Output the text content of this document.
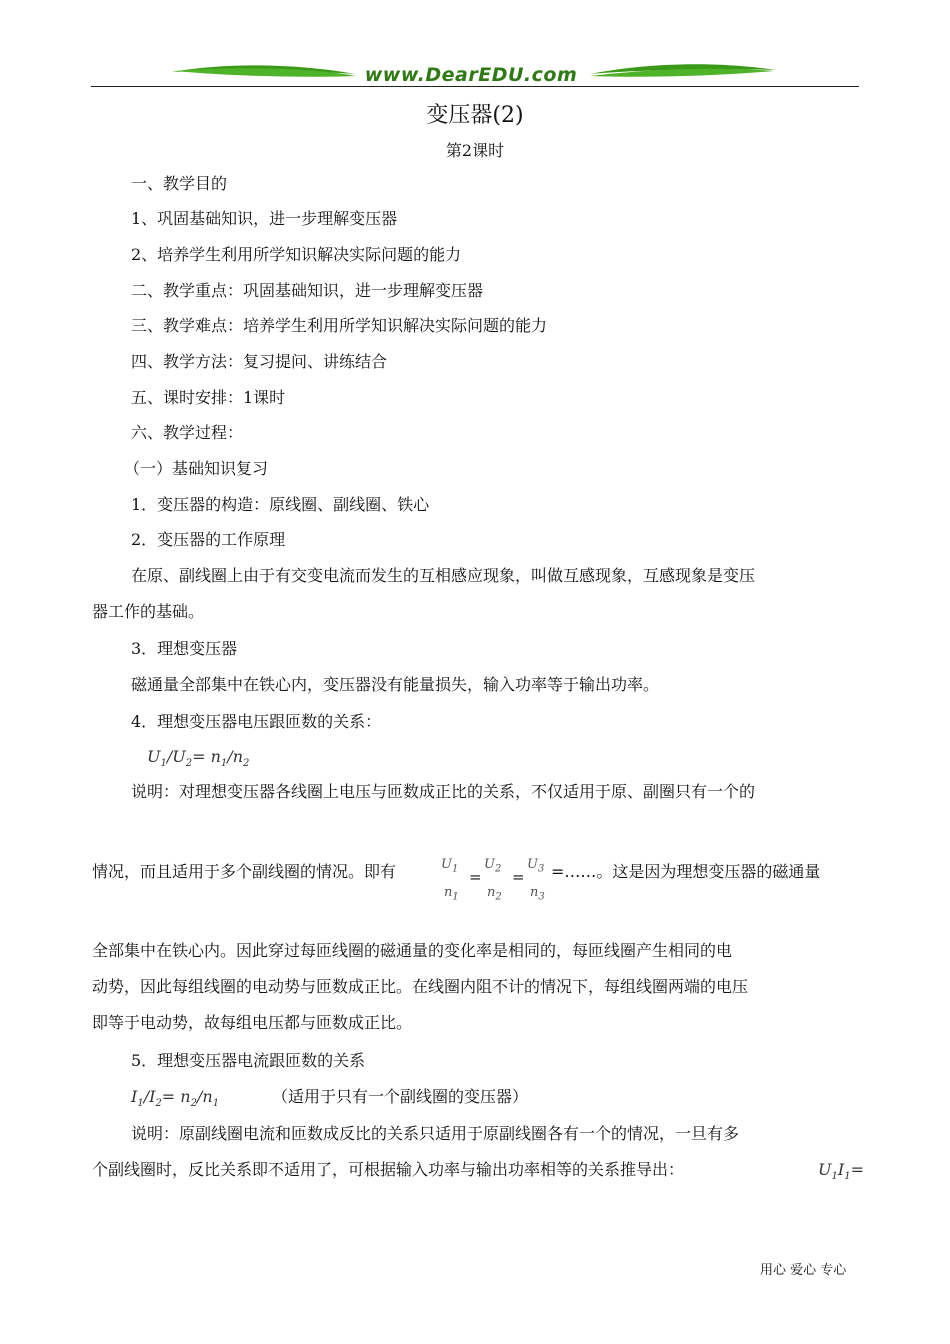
www.DearEDU.com
变压器(2)
第2课时
一、教学目的
1、巩固基础知识，进一步理解变压器
2、培养学生利用所学知识解决实际问题的能力
二、教学重点：巩固基础知识，进一步理解变压器
三、教学难点：培养学生利用所学知识解决实际问题的能力
四、教学方法：复习提问、讲练结合
五、课时安排：1课时
六、教学过程：
（一）基础知识复习
1．变压器的构造：原线圈、副线圈、铁心
2．变压器的工作原理
在原、副线圈上由于有交变电流而发生的互相感应现象，叫做互感现象，互感现象是变压
器工作的基础。
3．理想变压器
磁通量全部集中在铁心内，变压器没有能量损失，输入功率等于输出功率。
4．理想变压器电压跟匝数的关系：
$U_1/U_2= n_1/n_2$
说明：对理想变压器各线圈上电压与匝数成正比的关系，不仅适用于原、副圈只有一个的
情况，而且适用于多个副线圈的情况。即有	$U_1$
$n_1$
=
$U_2$
$n_2$
=
$U_3$
$n_3$
=……。这是因为理想变压器的磁通量
全部集中在铁心内。因此穿过每匝线圈的磁通量的变化率是相同的，每匝线圈产生相同的电
动势，因此每组线圈的电动势与匝数成正比。在线圈内阻不计的情况下，每组线圈两端的电压
即等于电动势，故每组电压都与匝数成正比。
5．理想变压器电流跟匝数的关系
$I_1/I_2= n_2/n_1$	（适用于只有一个副线圈的变压器）
说明：原副线圈电流和匝数成反比的关系只适用于原副线圈各有一个的情况，一旦有多
个副线圈时，反比关系即不适用了，可根据输入功率与输出功率相等的关系推导出：	$U_1I_1=$
用心 爱心 专心
